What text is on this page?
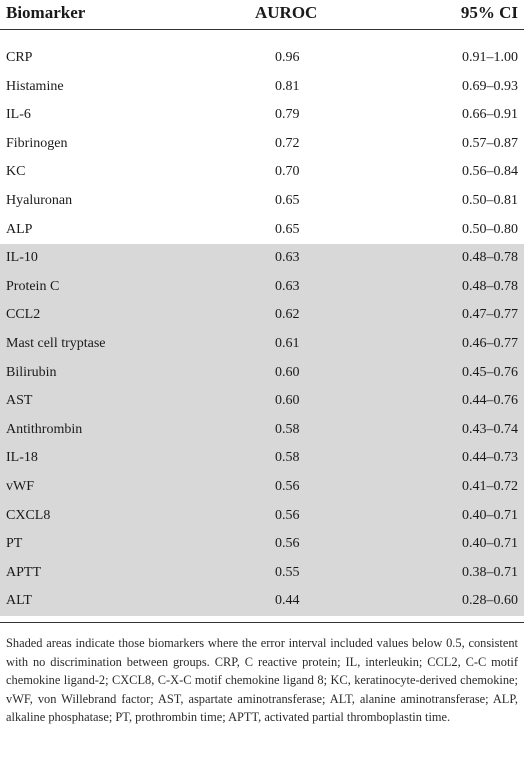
Biomarker	AUROC	95% CI
CRP	0.96	0.91–1.00
Histamine	0.81	0.69–0.93
IL-6	0.79	0.66–0.91
Fibrinogen	0.72	0.57–0.87
KC	0.70	0.56–0.84
Hyaluronan	0.65	0.50–0.81
ALP	0.65	0.50–0.80
IL-10	0.63	0.48–0.78
Protein C	0.63	0.48–0.78
CCL2	0.62	0.47–0.77
Mast cell tryptase	0.61	0.46–0.77
Bilirubin	0.60	0.45–0.76
AST	0.60	0.44–0.76
Antithrombin	0.58	0.43–0.74
IL-18	0.58	0.44–0.73
vWF	0.56	0.41–0.72
CXCL8	0.56	0.40–0.71
PT	0.56	0.40–0.71
APTT	0.55	0.38–0.71
ALT	0.44	0.28–0.60
Shaded areas indicate those biomarkers where the error interval included values below 0.5, consistent with no discrimination between groups. CRP, C reactive protein; IL, interleukin; CCL2, C-C motif chemokine ligand-2; CXCL8, C-X-C motif chemokine ligand 8; KC, keratinocyte-derived chemokine; vWF, von Willebrand factor; AST, aspartate aminotransferase; ALT, alanine aminotransferase; ALP, alkaline phosphatase; PT, prothrombin time; APTT, activated partial thromboplastin time.
